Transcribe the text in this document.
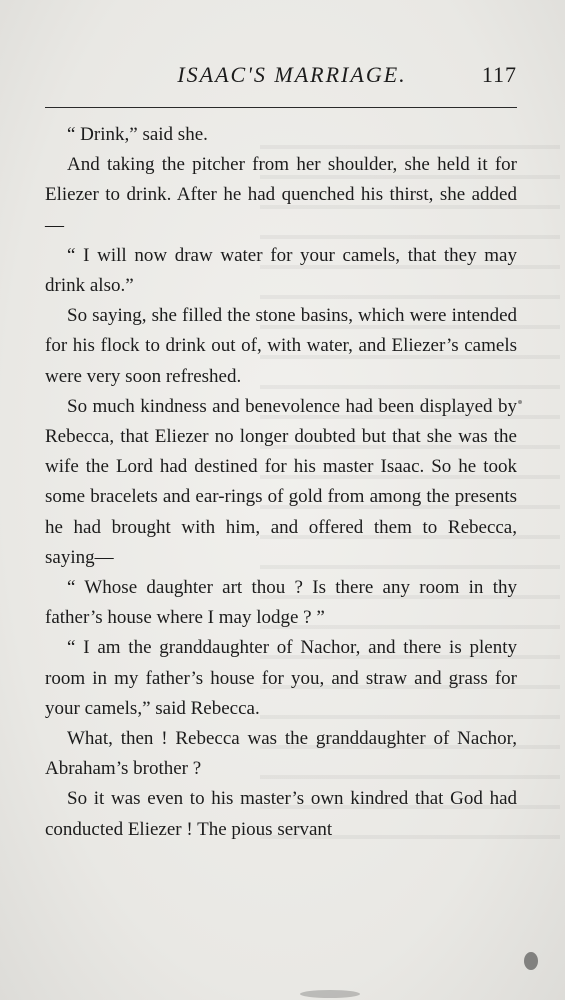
ISAAC'S MARRIAGE.	117

“ Drink,” said she.

And taking the pitcher from her shoulder, she held it for Eliezer to drink. After he had quenched his thirst, she added—

“ I will now draw water for your camels, that they may drink also.”

So saying, she filled the stone basins, which were intended for his flock to drink out of, with water, and Eliezer’s camels were very soon refreshed.

So much kindness and benevolence had been displayed by Rebecca, that Eliezer no longer doubted but that she was the wife the Lord had destined for his master Isaac. So he took some bracelets and ear-rings of gold from among the presents he had brought with him, and offered them to Rebecca, saying—

“ Whose daughter art thou ? Is there any room in thy father’s house where I may lodge ? ”

“ I am the granddaughter of Nachor, and there is plenty room in my father’s house for you, and straw and grass for your camels,” said Rebecca.

What, then ! Rebecca was the granddaughter of Nachor, Abraham’s brother ?

So it was even to his master’s own kindred that God had conducted Eliezer ! The pious servant
